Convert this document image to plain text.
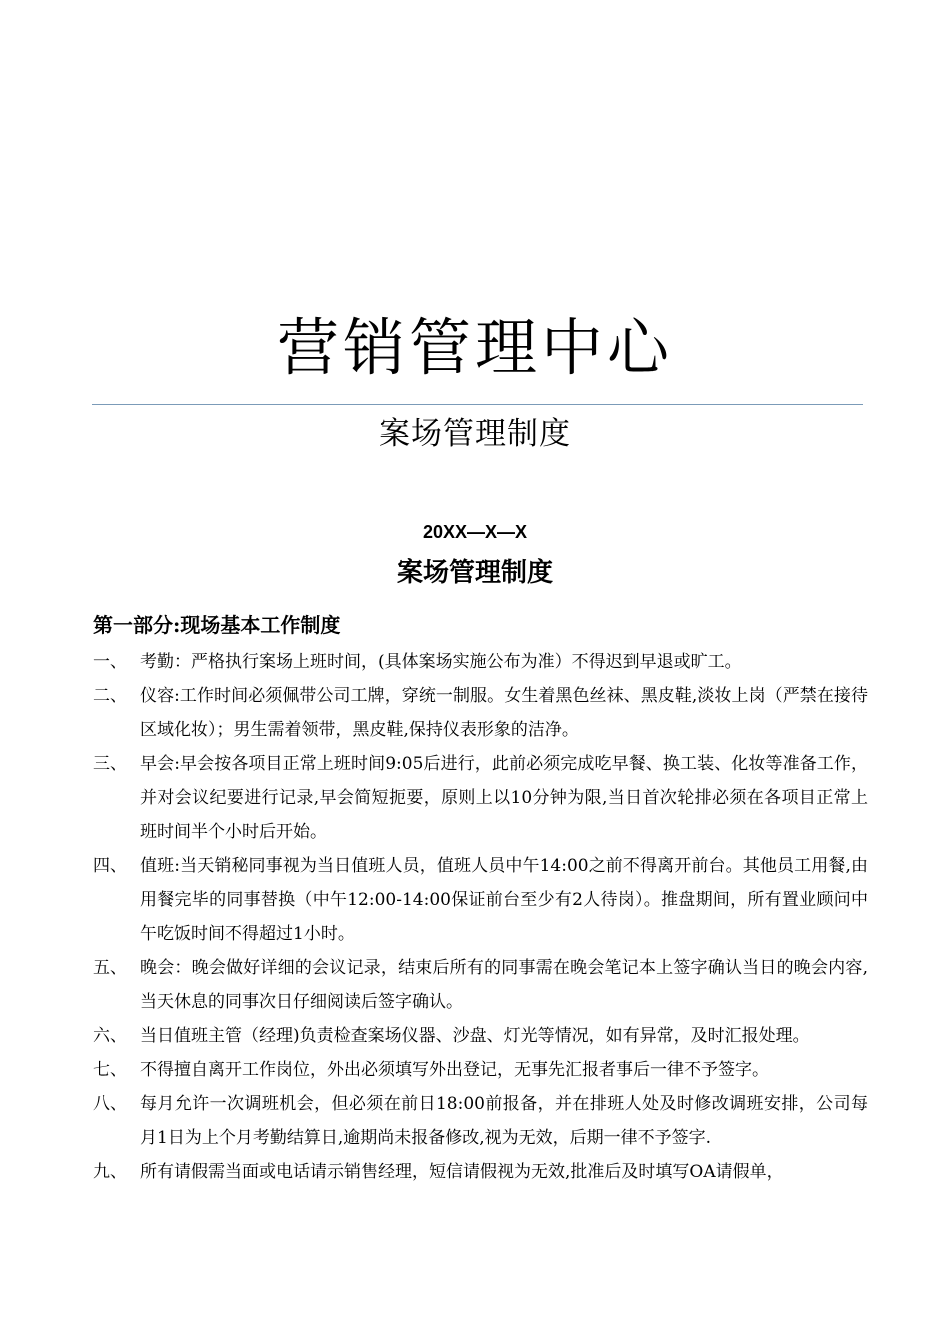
营销管理中心
案场管理制度
20XX—X—X
案场管理制度
第一部分:现场基本工作制度
一、 考勤：严格执行案场上班时间，(具体案场实施公布为准）不得迟到早退或旷工。
二、 仪容:工作时间必须佩带公司工牌，穿统一制服。女生着黑色丝袜、黑皮鞋,淡妆上岗（严禁在接待区域化妆）；男生需着领带，黑皮鞋,保持仪表形象的洁净。
三、 早会:早会按各项目正常上班时间9:05后进行，此前必须完成吃早餐、换工装、化妆等准备工作，并对会议纪要进行记录,早会简短扼要，原则上以10分钟为限,当日首次轮排必须在各项目正常上班时间半个小时后开始。
四、 值班:当天销秘同事视为当日值班人员，值班人员中午14:00之前不得离开前台。其他员工用餐,由用餐完毕的同事替换（中午12:00-14:00保证前台至少有2人待岗）。推盘期间，所有置业顾问中午吃饭时间不得超过1小时。
五、 晚会：晚会做好详细的会议记录，结束后所有的同事需在晚会笔记本上签字确认当日的晚会内容,当天休息的同事次日仔细阅读后签字确认。
六、 当日值班主管（经理)负责检查案场仪器、沙盘、灯光等情况，如有异常，及时汇报处理。
七、 不得擅自离开工作岗位，外出必须填写外出登记，无事先汇报者事后一律不予签字。
八、 每月允许一次调班机会，但必须在前日18:00前报备，并在排班人处及时修改调班安排，公司每月1日为上个月考勤结算日,逾期尚未报备修改,视为无效，后期一律不予签字.
九、 所有请假需当面或电话请示销售经理，短信请假视为无效,批准后及时填写OA请假单，
